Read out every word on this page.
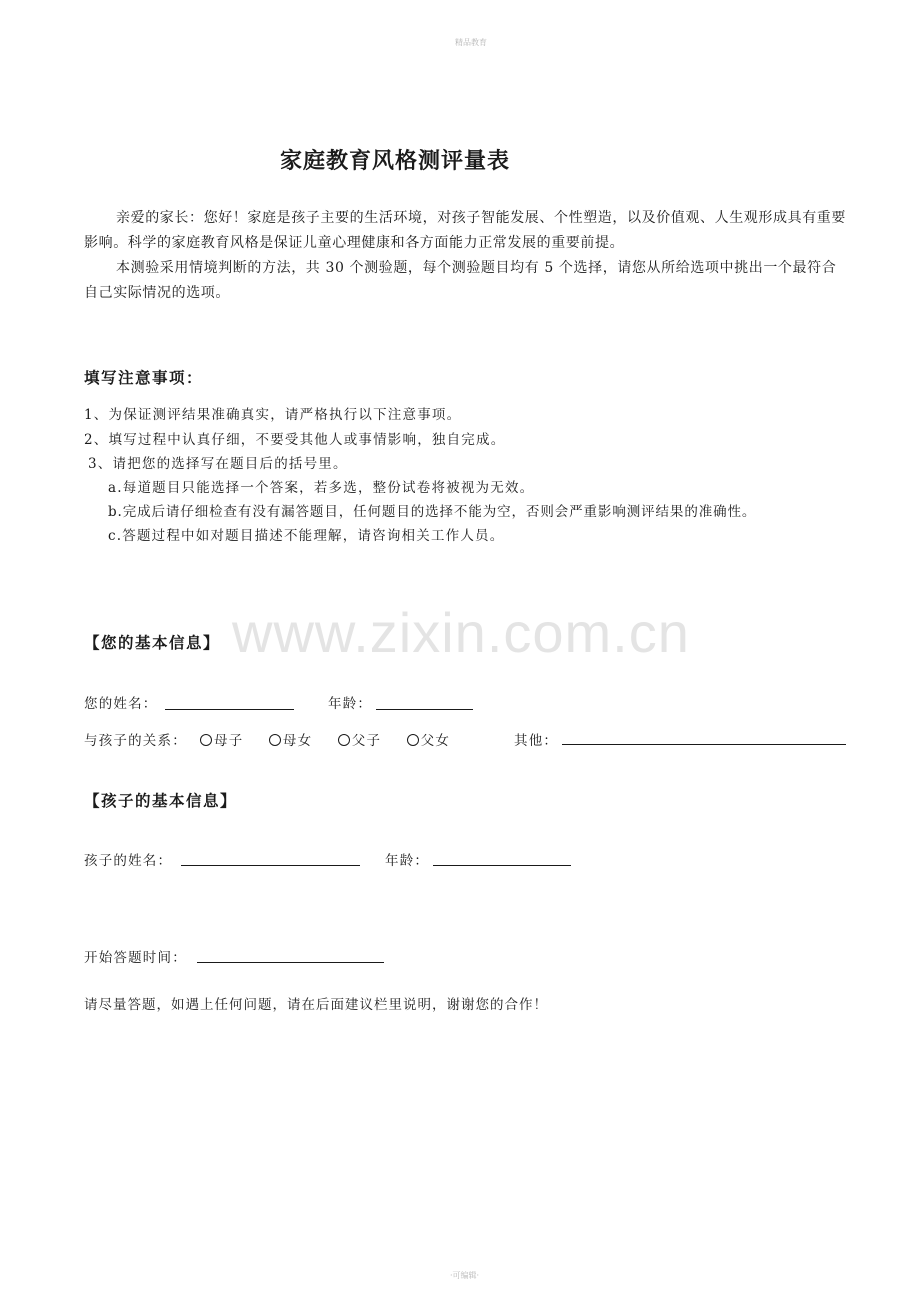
精品教育
家庭教育风格测评量表

亲爱的家长：您好！家庭是孩子主要的生活环境，对孩子智能发展、个性塑造，以及价值观、人生观形成具有重要影响。科学的家庭教育风格是保证儿童心理健康和各方面能力正常发展的重要前提。

本测验采用情境判断的方法，共 30 个测验题，每个测验题目均有 5 个选择，请您从所给选项中挑出一个最符合自己实际情况的选项。

填写注意事项：
1、为保证测评结果准确真实，请严格执行以下注意事项。
2、填写过程中认真仔细，不要受其他人或事情影响，独自完成。
3、请把您的选择写在题目后的括号里。
a.每道题目只能选择一个答案，若多选，整份试卷将被视为无效。
b.完成后请仔细检查有没有漏答题目，任何题目的选择不能为空，否则会严重影响测评结果的准确性。
c.答题过程中如对题目描述不能理解，请咨询相关工作人员。
www.zixin.com.cn
【您的基本信息】
您的姓名：	年龄：
与孩子的关系：	母子	母女	父子	父女	其他：
【孩子的基本信息】
孩子的姓名：	年龄：
开始答题时间：
请尽量答题，如遇上任何问题，请在后面建议栏里说明，谢谢您的合作！
·可编辑·
